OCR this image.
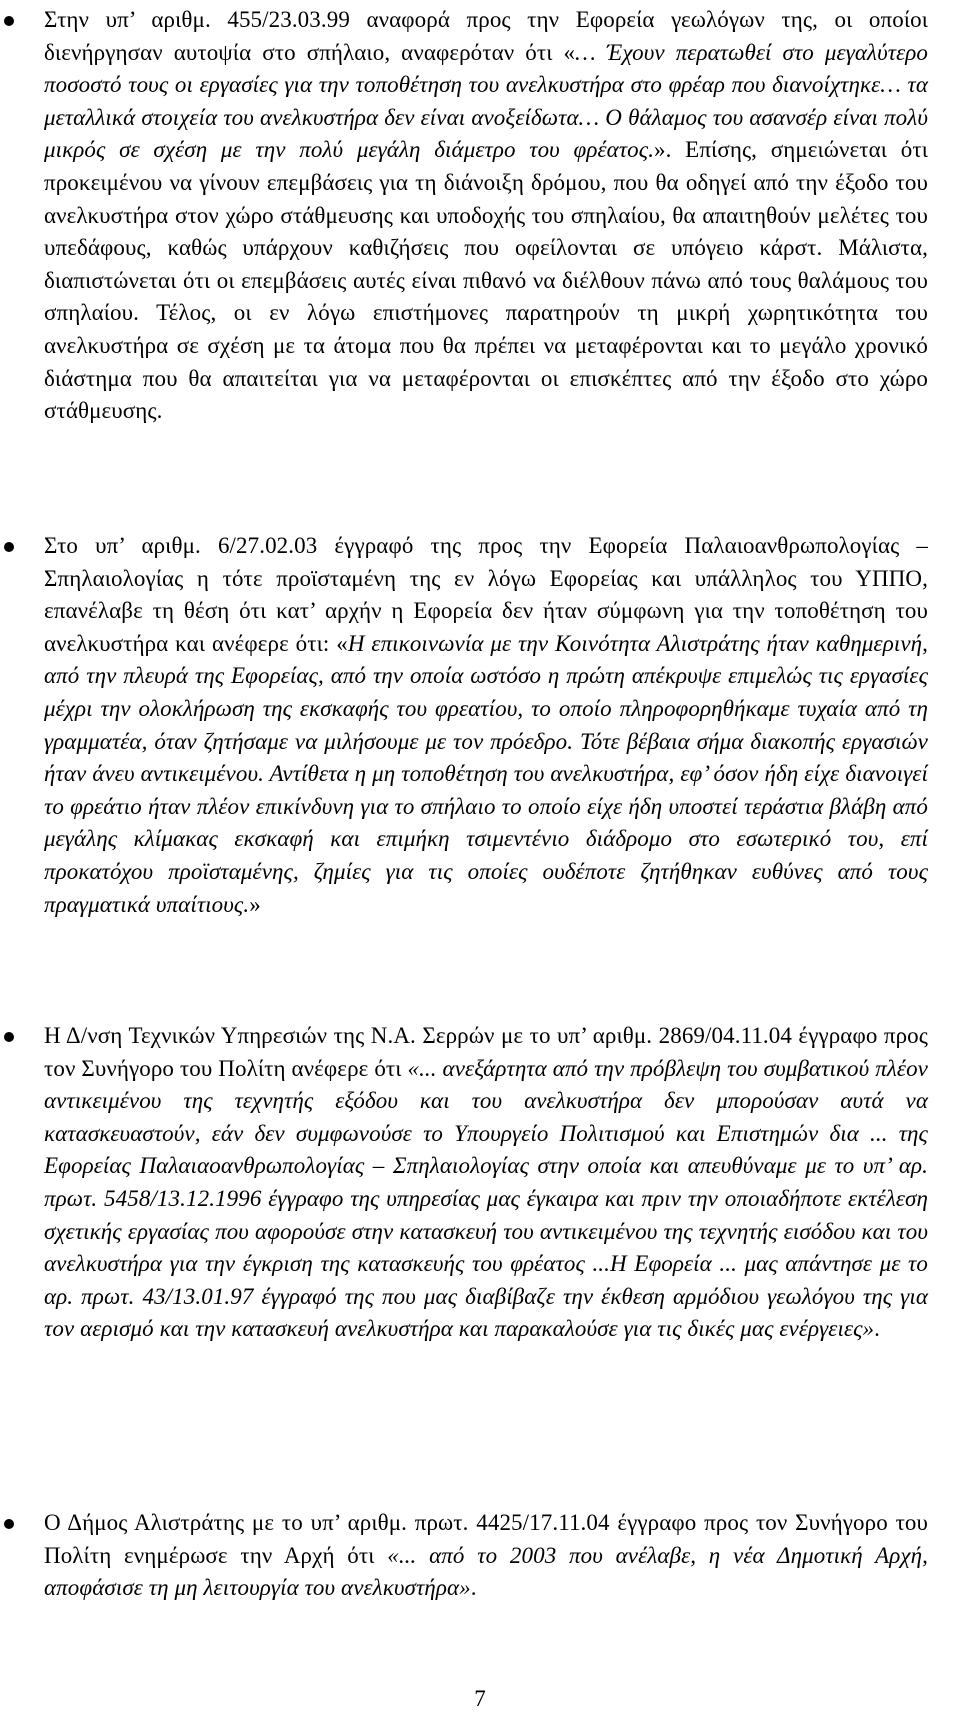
Στην υπ’ αριθμ. 455/23.03.99 αναφορά προς την Εφορεία γεωλόγων της, οι οποίοι διενήργησαν αυτοψία στο σπήλαιο, αναφερόταν ότι «… Έχουν περατωθεί στο μεγαλύτερο ποσοστό τους οι εργασίες για την τοποθέτηση του ανελκυστήρα στο φρέαρ που διανοίχτηκε… τα μεταλλικά στοιχεία του ανελκυστήρα δεν είναι ανοξείδωτα… Ο θάλαμος του ασανσέρ είναι πολύ μικρός σε σχέση με την πολύ μεγάλη διάμετρο του φρέατος.». Επίσης, σημειώνεται ότι προκειμένου να γίνουν επεμβάσεις για τη διάνοιξη δρόμου, που θα οδηγεί από την έξοδο του ανελκυστήρα στον χώρο στάθμευσης και υποδοχής του σπηλαίου, θα απαιτηθούν μελέτες του υπεδάφους, καθώς υπάρχουν καθιζήσεις που οφείλονται σε υπόγειο κάρστ. Μάλιστα, διαπιστώνεται ότι οι επεμβάσεις αυτές είναι πιθανό να διέλθουν πάνω από τους θαλάμους του σπηλαίου. Τέλος, οι εν λόγω επιστήμονες παρατηρούν τη μικρή χωρητικότητα του ανελκυστήρα σε σχέση με τα άτομα που θα πρέπει να μεταφέρονται και το μεγάλο χρονικό διάστημα που θα απαιτείται για να μεταφέρονται οι επισκέπτες από την έξοδο στο χώρο στάθμευσης.

Στο υπ’ αριθμ. 6/27.02.03 έγγραφό της προς την Εφορεία Παλαιοανθρωπολογίας – Σπηλαιολογίας η τότε προϊσταμένη της εν λόγω Εφορείας και υπάλληλος του ΥΠΠΟ, επανέλαβε τη θέση ότι κατ’ αρχήν η Εφορεία δεν ήταν σύμφωνη για την τοποθέτηση του ανελκυστήρα και ανέφερε ότι: «Η επικοινωνία με την Κοινότητα Αλιστράτης ήταν καθημερινή, από την πλευρά της Εφορείας, από την οποία ωστόσο η πρώτη απέκρυψε επιμελώς τις εργασίες μέχρι την ολοκλήρωση της εκσκαφής του φρεατίου, το οποίο πληροφορηθήκαμε τυχαία από τη γραμματέα, όταν ζητήσαμε να μιλήσουμε με τον πρόεδρο. Τότε βέβαια σήμα διακοπής εργασιών ήταν άνευ αντικειμένου. Αντίθετα η μη τοποθέτηση του ανελκυστήρα, εφ’ όσον ήδη είχε διανοιγεί το φρεάτιο ήταν πλέον επικίνδυνη για το σπήλαιο το οποίο είχε ήδη υποστεί τεράστια βλάβη από μεγάλης κλίμακας εκσκαφή και επιμήκη τσιμεντένιο διάδρομο στο εσωτερικό του, επί προκατόχου προϊσταμένης, ζημίες για τις οποίες ουδέποτε ζητήθηκαν ευθύνες από τους πραγματικά υπαίτιους.»

Η Δ/νση Τεχνικών Υπηρεσιών της Ν.Α. Σερρών με το υπ’ αριθμ. 2869/04.11.04 έγγραφο προς τον Συνήγορο του Πολίτη ανέφερε ότι «... ανεξάρτητα από την πρόβλεψη του συμβατικού πλέον αντικειμένου της τεχνητής εξόδου και του ανελκυστήρα δεν μπορούσαν αυτά να κατασκευαστούν, εάν δεν συμφωνούσε το Υπουργείο Πολιτισμού και Επιστημών δια ... της Εφορείας Παλαιαοανθρωπολογίας – Σπηλαιολογίας στην οποία και απευθύναμε με το υπ’ αρ. πρωτ. 5458/13.12.1996 έγγραφο της υπηρεσίας μας έγκαιρα και πριν την οποιαδήποτε εκτέλεση σχετικής εργασίας που αφορούσε στην κατασκευή του αντικειμένου της τεχνητής εισόδου και του ανελκυστήρα για την έγκριση της κατασκευής του φρέατος ...Η Εφορεία ... μας απάντησε με το αρ. πρωτ. 43/13.01.97 έγγραφό της που μας διαβίβαζε την έκθεση αρμόδιου γεωλόγου της για τον αερισμό και την κατασκευή ανελκυστήρα και παρακαλούσε για τις δικές μας ενέργειες».

Ο Δήμος Αλιστράτης με το υπ’ αριθμ. πρωτ. 4425/17.11.04 έγγραφο προς τον Συνήγορο του Πολίτη ενημέρωσε την Αρχή ότι «... από το 2003 που ανέλαβε, η νέα Δημοτική Αρχή, αποφάσισε τη μη λειτουργία του ανελκυστήρα».

7
